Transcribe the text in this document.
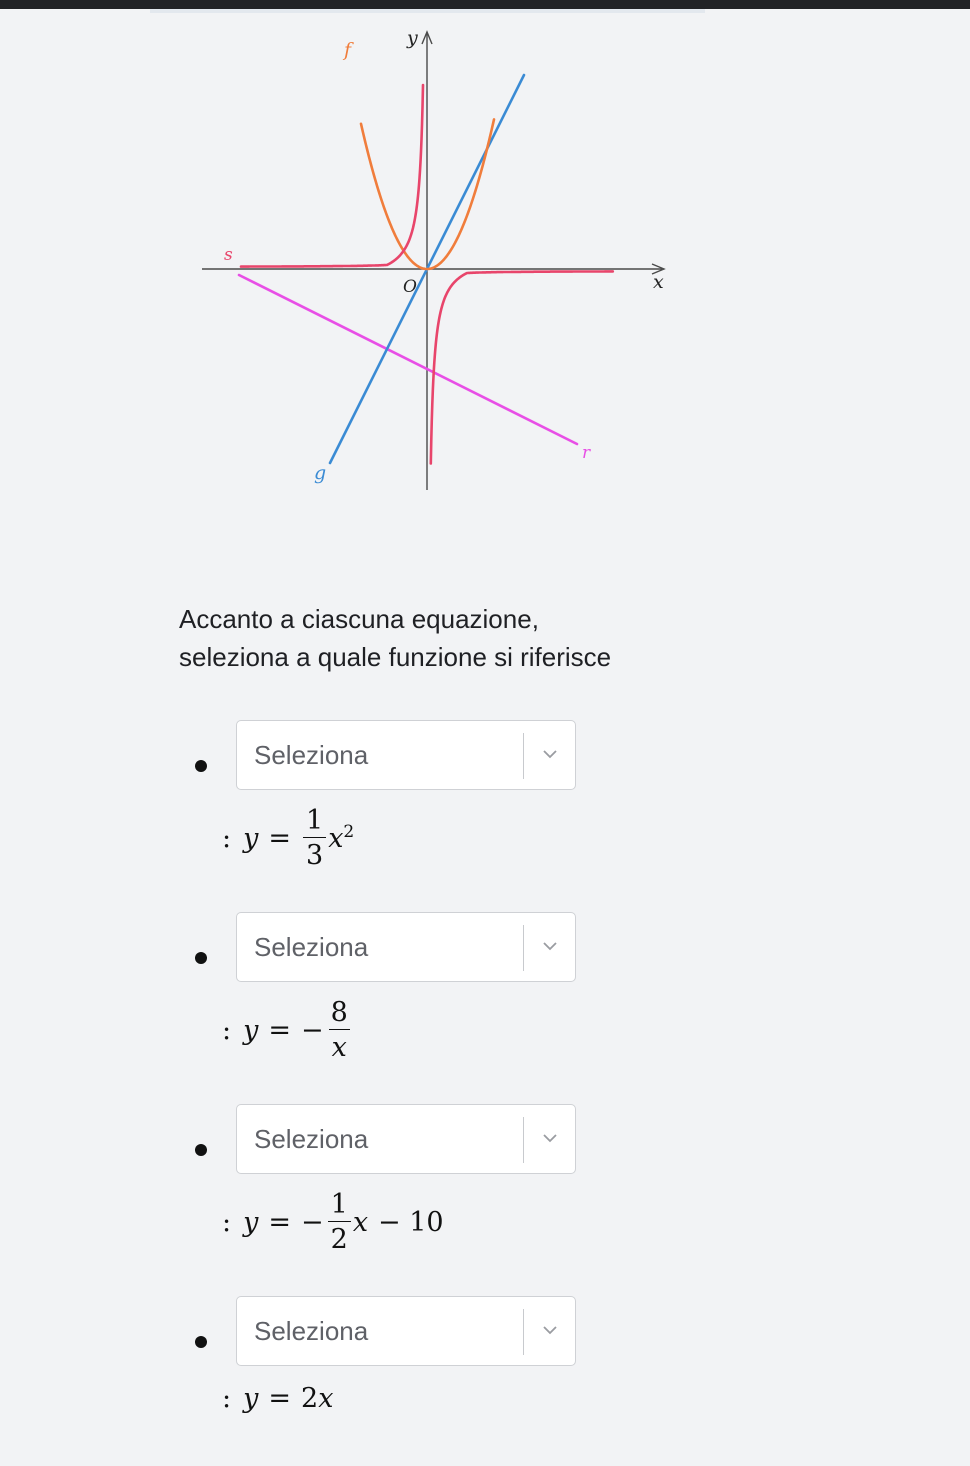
y
x
O
f
g
r
s

Accanto a ciascuna equazione,
seleziona a quale funzione si riferisce

Seleziona
: $y = \frac{1}{3} x^2$
Seleziona
: y = − $\frac{8}{x}$
Seleziona
: y = − $\frac{1}{2}$ x − 10
Seleziona
: y = 2 x
